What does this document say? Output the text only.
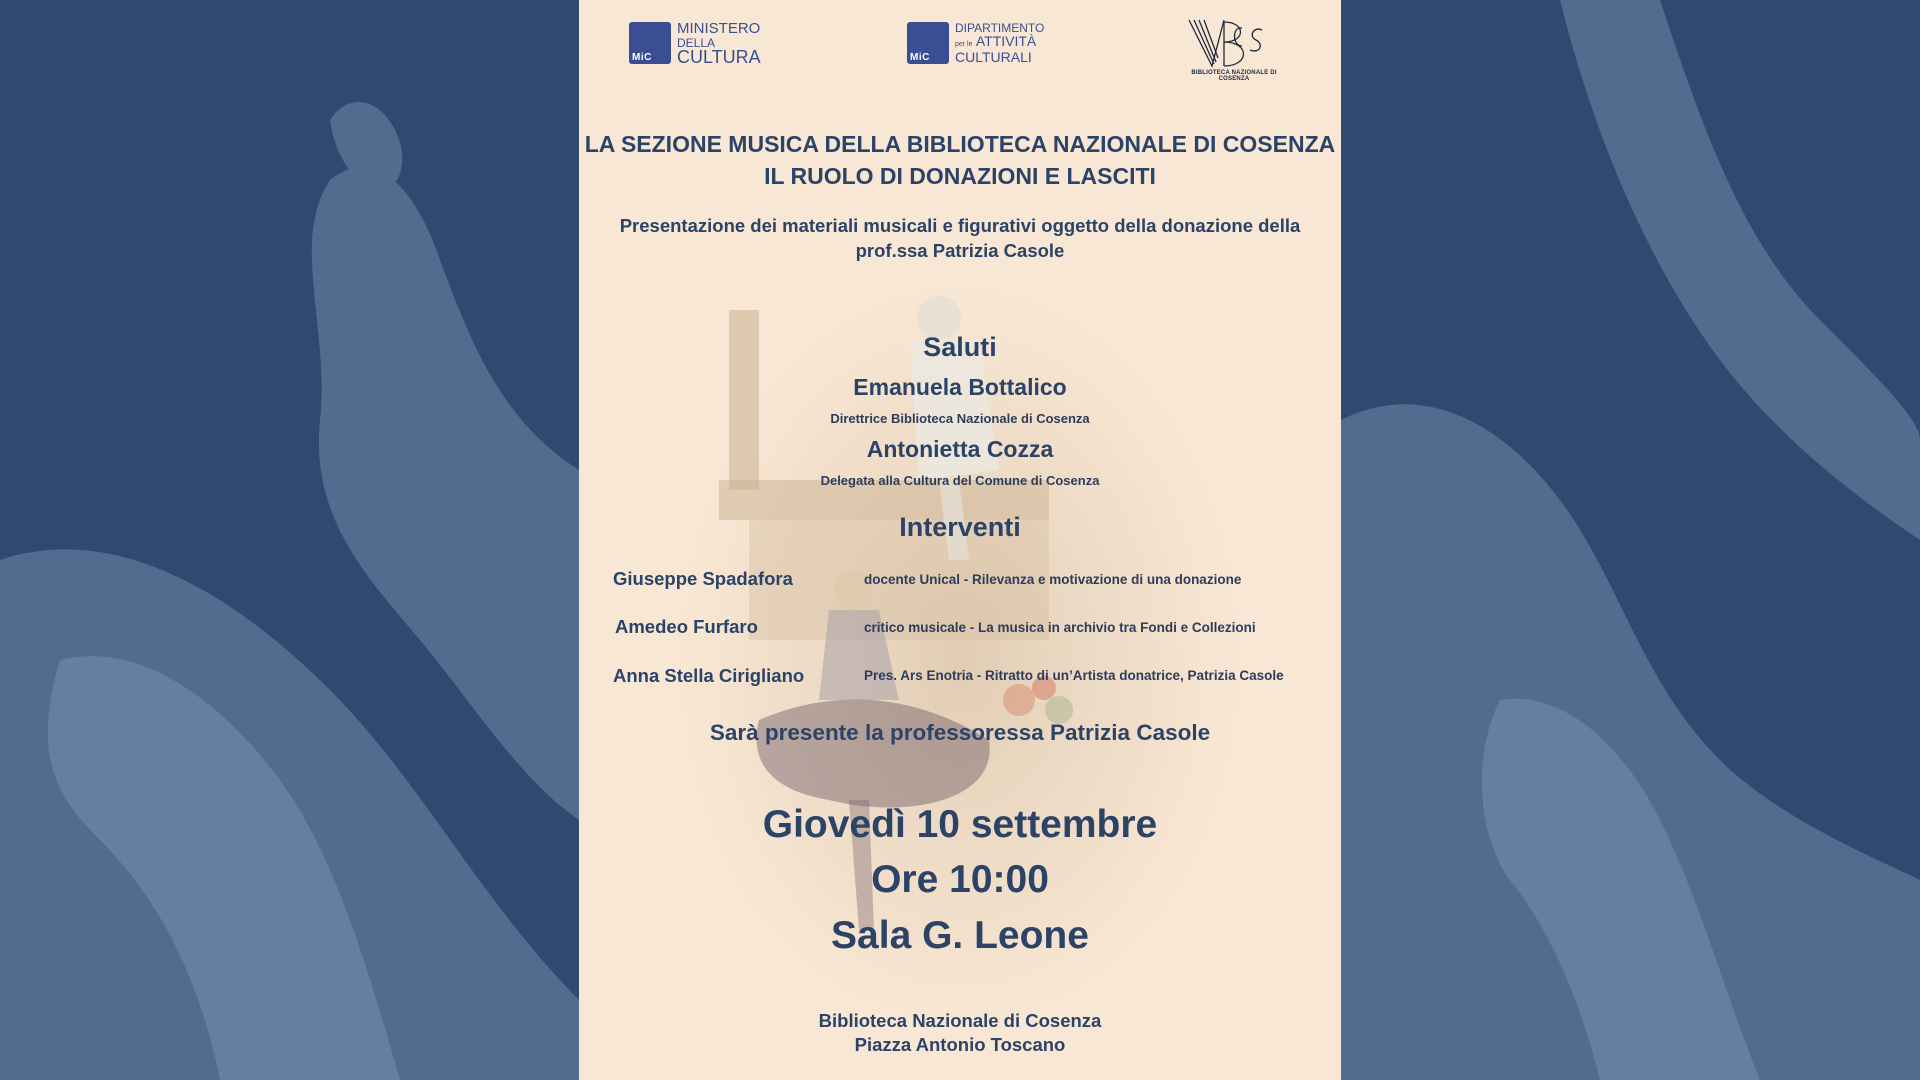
MiC
MINISTERO
DELLA
CULTURA	MiC
DIPARTIMENTO
per le ATTIVITÀ
CULTURALI
BIBLIOTECA NAZIONALE DI COSENZA
LA SEZIONE MUSICA DELLA BIBLIOTECA NAZIONALE DI COSENZA
IL RUOLO DI DONAZIONI E LASCITI
Presentazione dei materiali musicali e figurativi oggetto della donazione della
prof.ssa Patrizia Casole
Saluti
Emanuela Bottalico
Direttrice Biblioteca Nazionale di Cosenza
Antonietta Cozza
Delegata alla Cultura del Comune di Cosenza
Interventi
Giuseppe Spadafora	docente Unical - Rilevanza e motivazione di una donazione
Amedeo Furfaro	critico musicale - La musica in archivio tra Fondi e Collezioni
Anna Stella Cirigliano	Pres. Ars Enotria - Ritratto di un’Artista donatrice, Patrizia Casole
Sarà presente la professoressa Patrizia Casole
Giovedì 10 settembre
Ore 10:00
Sala G. Leone
Biblioteca Nazionale di Cosenza
Piazza Antonio Toscano
